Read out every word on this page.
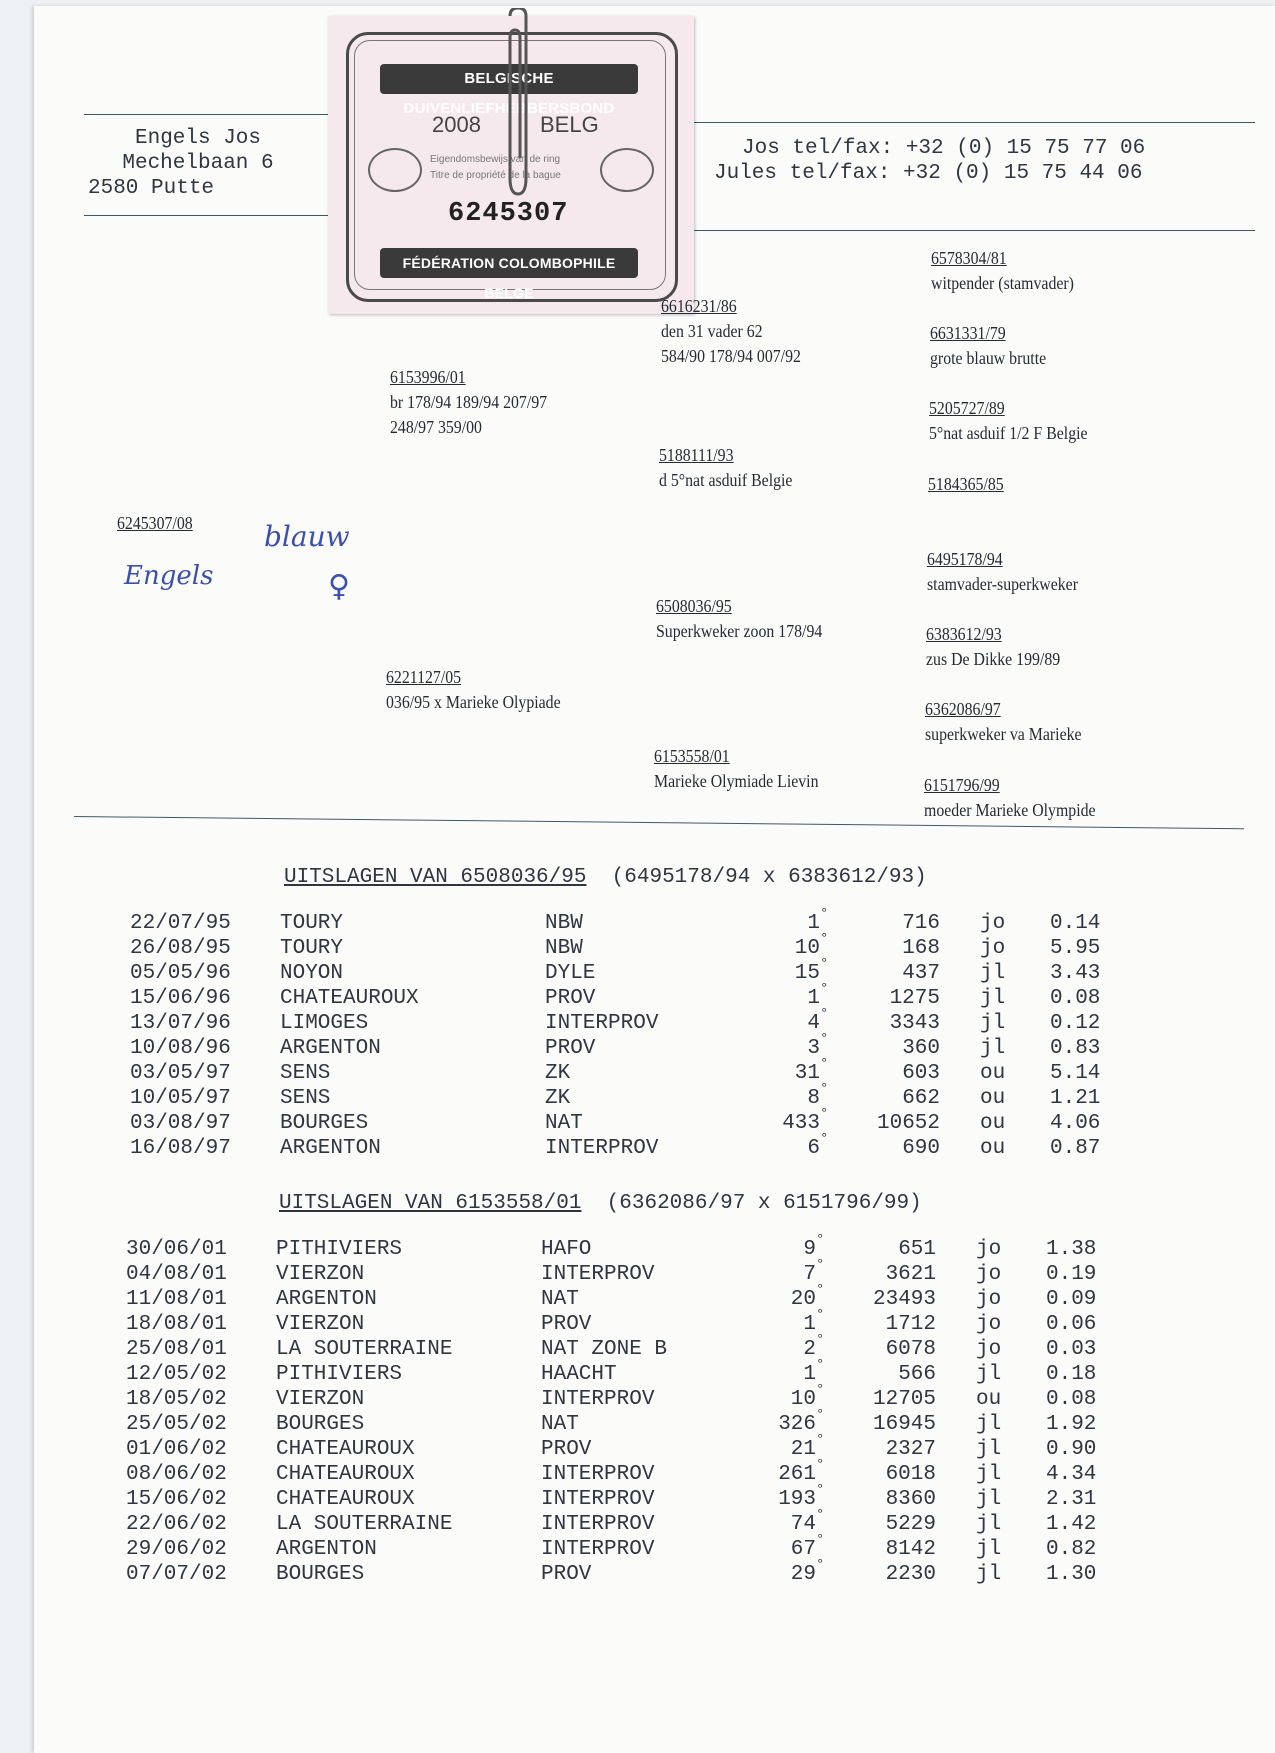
Engels Jos
Mechelbaan 6
2580 Putte
Jos tel/fax: +32 (0) 15 75 77 06
Jules tel/fax: +32 (0) 15 75 44 06
BELGISCHE DUIVENLIEFHEBBERSBOND
2008	BELG
Eigendomsbewijs van de ring
Titre de propriété de la bague
6245307
FÉDÉRATION COLOMBOPHILE BELGE
6245307/08	blauw
Engels	♀
6153996/01
br 178/94 189/94 207/97
248/97 359/00
6221127/05
036/95 x Marieke Olypiade
6616231/86
den 31 vader 62
584/90 178/94 007/92
5188111/93
d 5°nat asduif Belgie
6508036/95
Superkweker zoon 178/94
6153558/01
Marieke Olymiade Lievin
6578304/81
witpender (stamvader)
6631331/79
grote blauw brutte
5205727/89
5°nat asduif 1/2 F Belgie
5184365/85
6495178/94
stamvader-superkweker
6383612/93
zus De Dikke 199/89
6362086/97
superkweker va Marieke
6151796/99
moeder Marieke Olympide
UITSLAGEN VAN 6508036/95 (6495178/94 x 6383612/93)
22/07/95 TOURY	NBW	1 °	716 jo 0.14
26/08/95 TOURY	NBW	10 °	168 jo 5.95
05/05/96 NOYON	DYLE	15 °	437 jl 3.43
15/06/96 CHATEAUROUX	PROV	1 °	1275 jl 0.08
13/07/96 LIMOGES	INTERPROV	4 °	3343 jl 0.12
10/08/96 ARGENTON	PROV	3 °	360 jl 0.83
03/05/97 SENS	ZK	31 °	603 ou 5.14
10/05/97 SENS	ZK	8 °	662 ou 1.21
03/08/97 BOURGES	NAT	433 °	10652 ou 4.06
16/08/97 ARGENTON	INTERPROV	6 °	690 ou 0.87
UITSLAGEN VAN 6153558/01 (6362086/97 x 6151796/99)
30/06/01 PITHIVIERS	HAFO	9 °	651 jo 1.38
04/08/01 VIERZON	INTERPROV	7 °	3621 jo 0.19
11/08/01 ARGENTON	NAT	20 °	23493 jo 0.09
18/08/01 VIERZON	PROV	1 °	1712 jo 0.06
25/08/01 LA SOUTERRAINE	NAT ZONE B	2 °	6078 jo 0.03
12/05/02 PITHIVIERS	HAACHT	1 °	566 jl 0.18
18/05/02 VIERZON	INTERPROV	10 °	12705 ou 0.08
25/05/02 BOURGES	NAT	326 °	16945 jl 1.92
01/06/02 CHATEAUROUX	PROV	21 °	2327 jl 0.90
08/06/02 CHATEAUROUX	INTERPROV	261 °	6018 jl 4.34
15/06/02 CHATEAUROUX	INTERPROV	193 °	8360 jl 2.31
22/06/02 LA SOUTERRAINE	INTERPROV	74 °	5229 jl 1.42
29/06/02 ARGENTON	INTERPROV	67 °	8142 jl 0.82
07/07/02 BOURGES	PROV	29 °	2230 jl 1.30
